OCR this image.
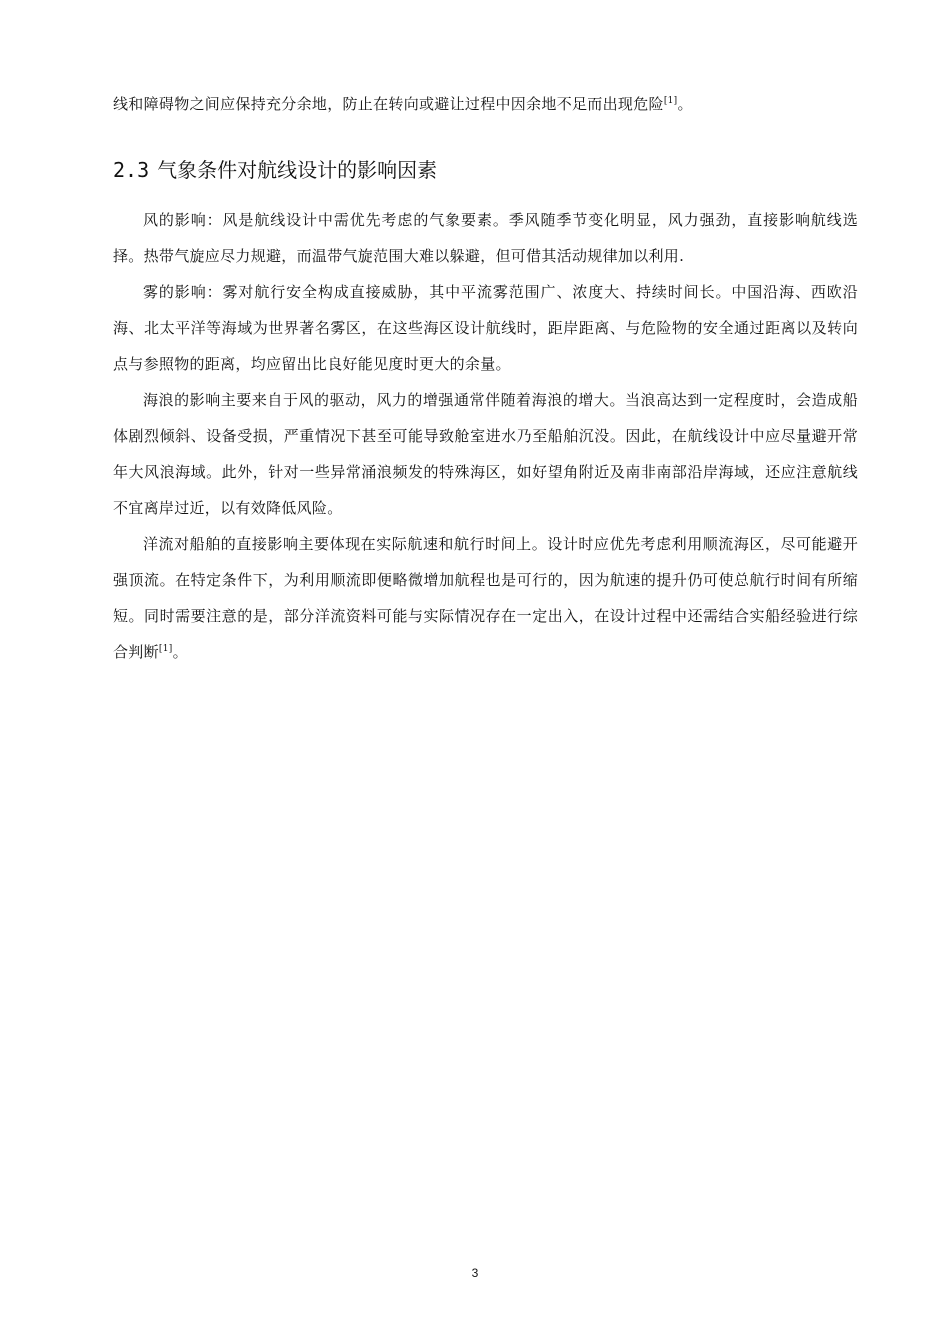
线和障碍物之间应保持充分余地，防止在转向或避让过程中因余地不足而出现危险[1]。

2.3 气象条件对航线设计的影响因素

风的影响：风是航线设计中需优先考虑的气象要素。季风随季节变化明显，风力强劲，直接影响航线选择。热带气旋应尽力规避，而温带气旋范围大难以躲避，但可借其活动规律加以利用.

雾的影响：雾对航行安全构成直接威胁，其中平流雾范围广、浓度大、持续时间长。中国沿海、西欧沿海、北太平洋等海域为世界著名雾区，在这些海区设计航线时，距岸距离、与危险物的安全通过距离以及转向点与参照物的距离，均应留出比良好能见度时更大的余量。

海浪的影响主要来自于风的驱动，风力的增强通常伴随着海浪的增大。当浪高达到一定程度时，会造成船体剧烈倾斜、设备受损，严重情况下甚至可能导致舱室进水乃至船舶沉没。因此，在航线设计中应尽量避开常年大风浪海域。此外，针对一些异常涌浪频发的特殊海区，如好望角附近及南非南部沿岸海域，还应注意航线不宜离岸过近，以有效降低风险。

洋流对船舶的直接影响主要体现在实际航速和航行时间上。设计时应优先考虑利用顺流海区，尽可能避开强顶流。在特定条件下，为利用顺流即便略微增加航程也是可行的，因为航速的提升仍可使总航行时间有所缩短。同时需要注意的是，部分洋流资料可能与实际情况存在一定出入，在设计过程中还需结合实船经验进行综合判断[1]。

3
